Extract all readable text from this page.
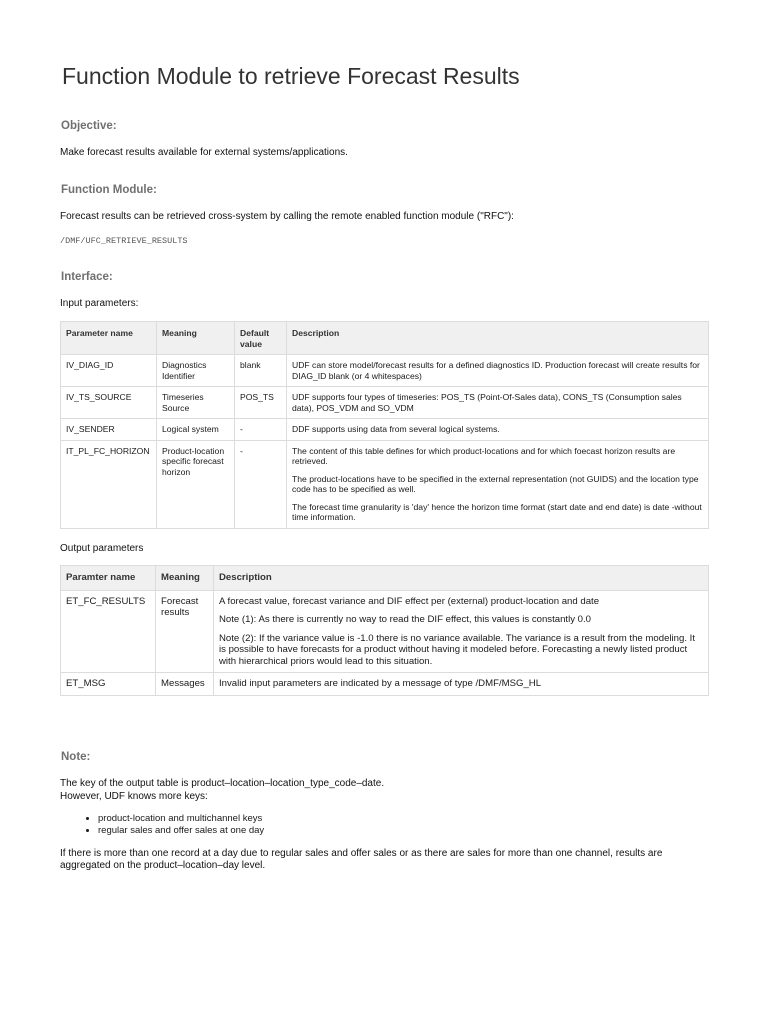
Function Module to retrieve Forecast Results
Objective:

Make forecast results available for external systems/applications.

Function Module:

Forecast results can be retrieved cross-system by calling the remote enabled function module ("RFC"):

/DMF/UFC_RETRIEVE_RESULTS

Interface:

Input parameters:

Parameter name	Meaning	Default value	Description
IV_DIAG_ID	Diagnostics Identifier	blank	UDF can store model/forecast results for a defined diagnostics ID. Production forecast will create results for DIAG_ID blank (or 4 whitespaces)

IV_TS_SOURCE	Timeseries Source	POS_TS	UDF supports four types of timeseries: POS_TS (Point-Of-Sales data), CONS_TS (Consumption sales data), POS_VDM and SO_VDM

IV_SENDER	Logical system	-	DDF supports using data from several logical systems.

IT_PL_FC_HORIZON	Product-location specific forecast horizon	-	The content of this table defines for which product-locations and for which foecast horizon results are retrieved.

The product-locations have to be specified in the external representation (not GUIDS) and the location type code has to be specified as well.

The forecast time granularity is 'day' hence the horizon time format (start date and end date) is date -without time information.

Output parameters

Paramter name	Meaning	Description
ET_FC_RESULTS	Forecast results	A forecast value, forecast variance and DIF effect per (external) product-location and date

Note (1): As there is currently no way to read the DIF effect, this values is constantly 0.0

Note (2): If the variance value is -1.0 there is no variance available. The variance is a result from the modeling. It is possible to have forecasts for a product without having it modeled before. Forecasting a newly listed product with hierarchical priors would lead to this situation.

ET_MSG	Messages	Invalid input parameters are indicated by a message of type /DMF/MSG_HL

Note:

The key of the output table is product–location–location_type_code–date.

However, UDF knows more keys:

• product-location and multichannel keys
• regular sales and offer sales at one day

If there is more than one record at a day due to regular sales and offer sales or as there are sales for more than one channel, results are aggregated on the product–location–day level.
